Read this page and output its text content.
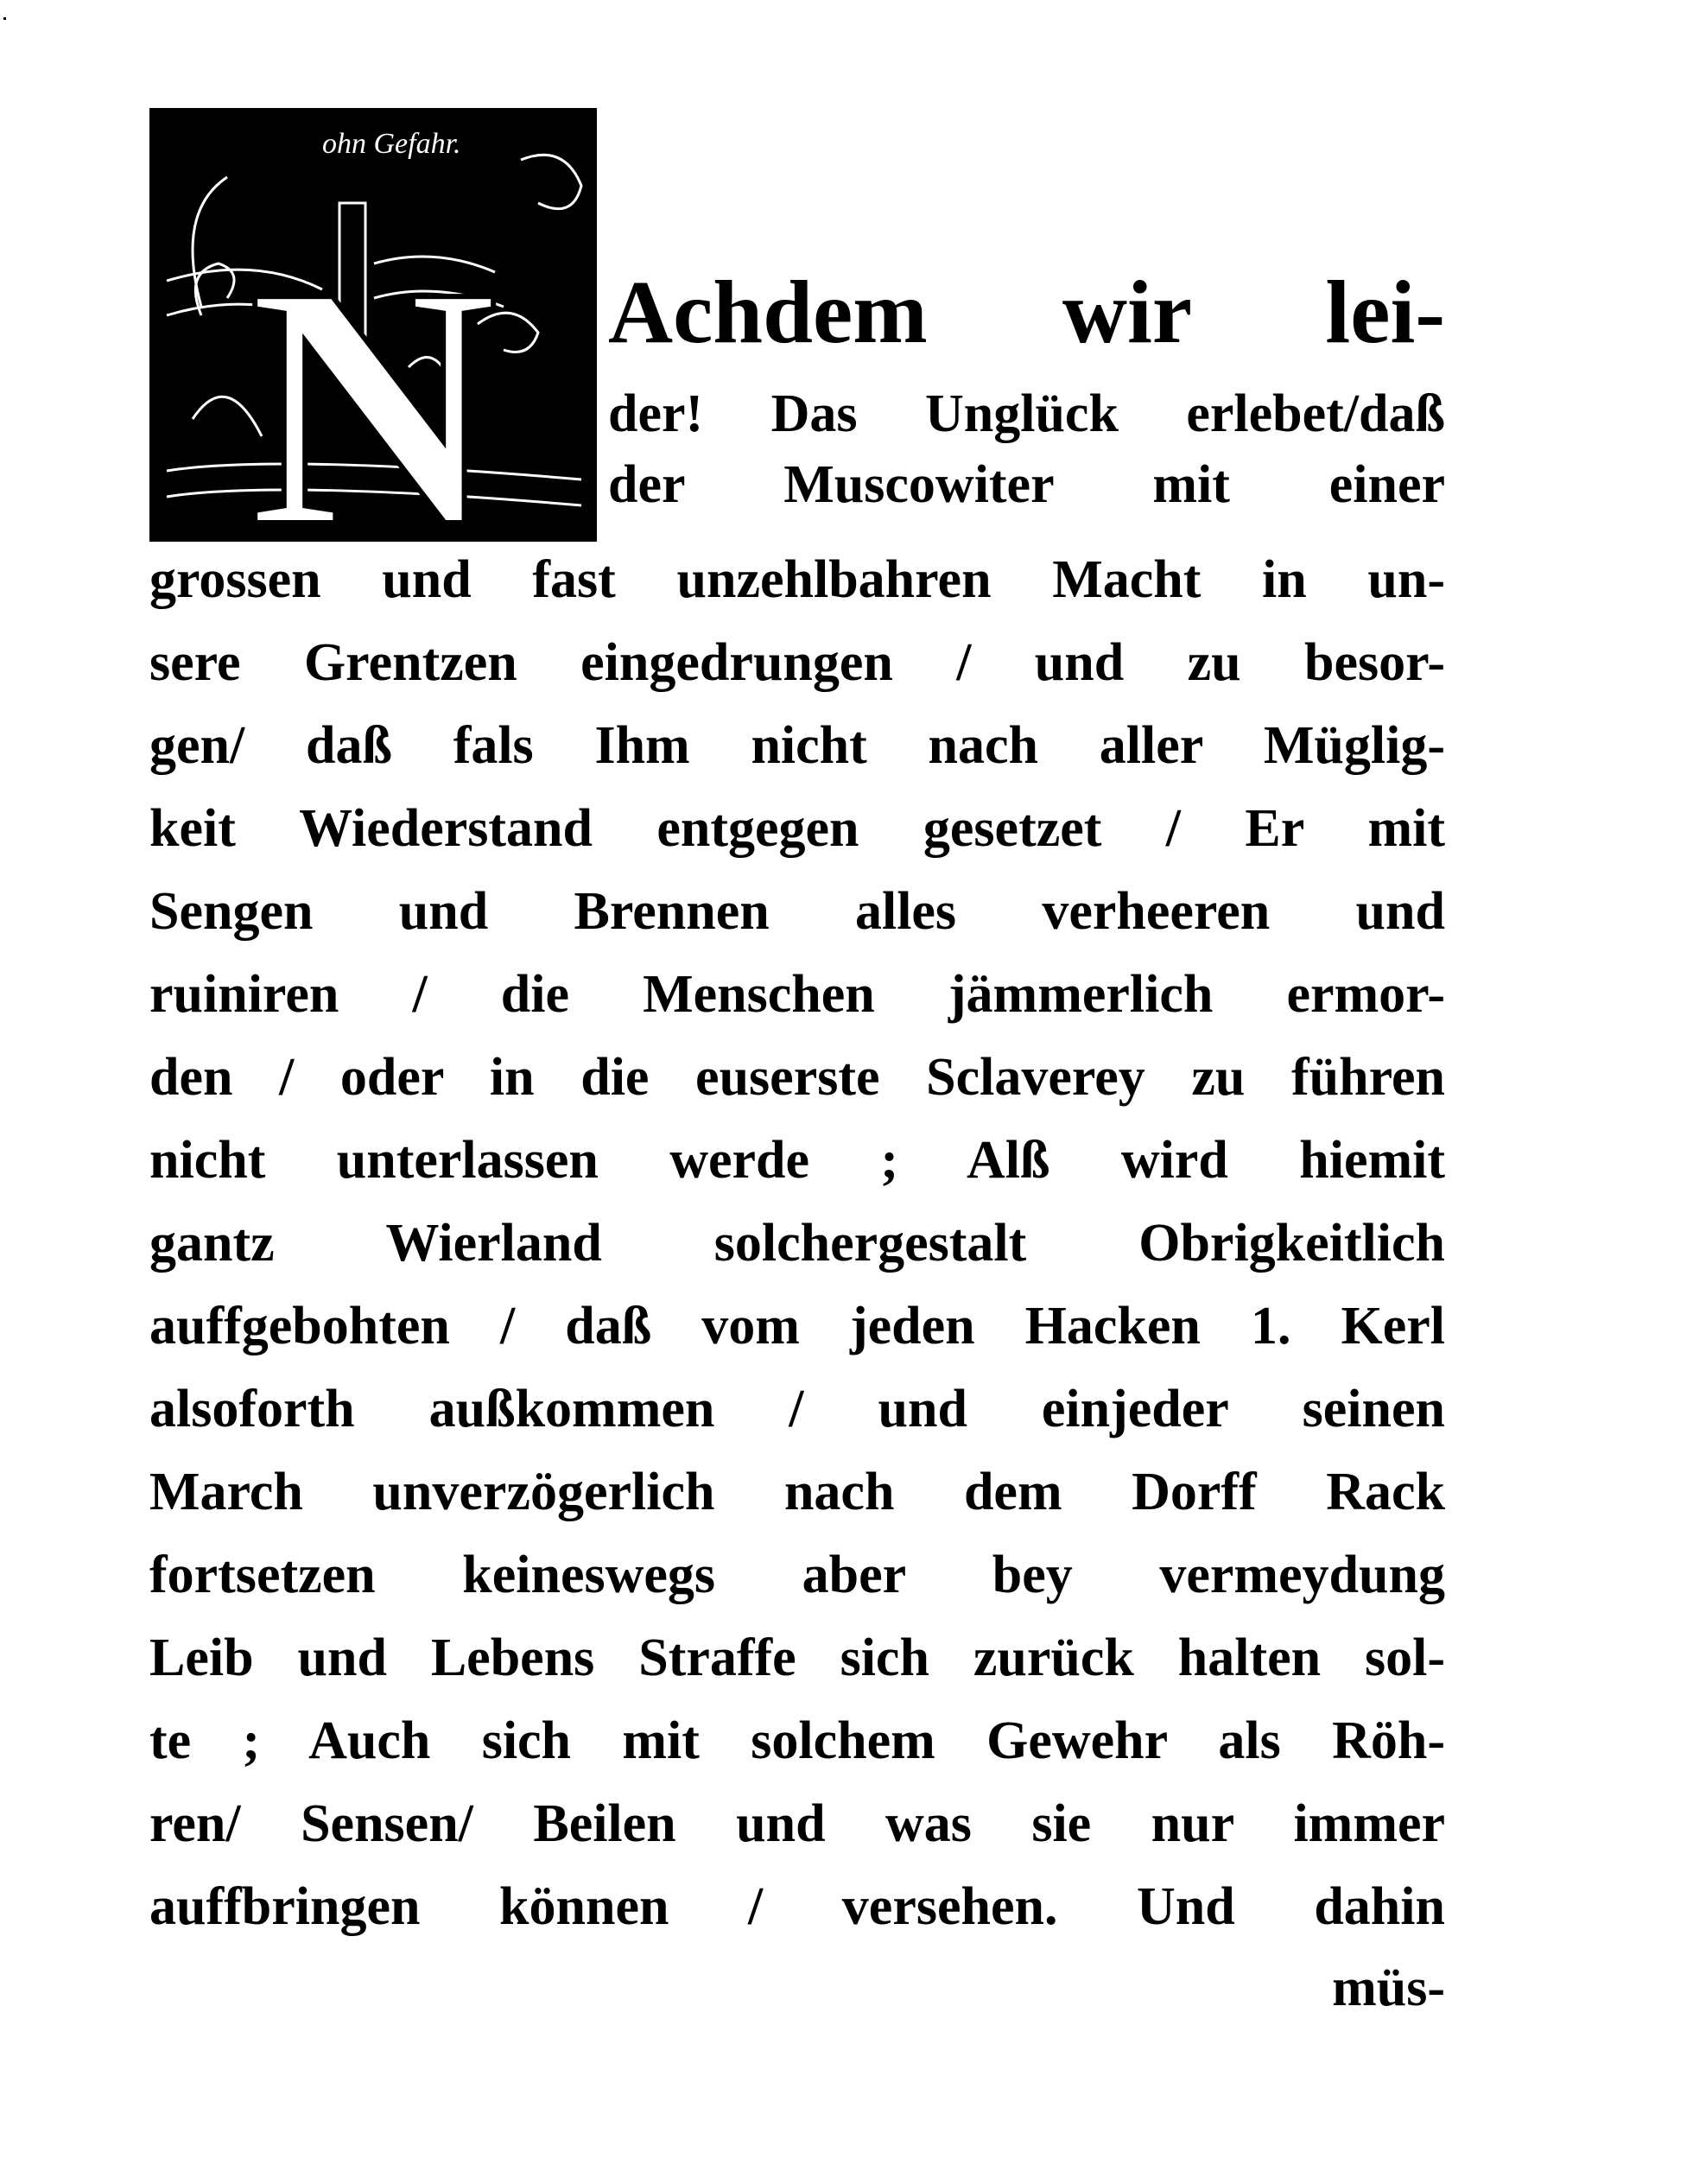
ohn Gefahr.
N Achdem wir lei-
der! Das Unglück erlebet/daß
der Muscowiter mit einer
grossen und fast unzehlbahren Macht in un-
sere Grentzen eingedrungen / und zu besor-
gen/ daß fals Ihm nicht nach aller Müglig-
keit Wiederstand entgegen gesetzet / Er mit
Sengen und Brennen alles verheeren und
ruiniren / die Menschen jämmerlich ermor-
den / oder in die euserste Sclaverey zu führen
nicht unterlassen werde ; Alß wird hiemit
gantz Wierland solchergestalt Obrigkeitlich
auffgebohten / daß vom jeden Hacken 1. Kerl
alsoforth außkommen / und einjeder seinen
March unverzögerlich nach dem Dorff Rack
fortsetzen keineswegs aber bey vermeydung
Leib und Lebens Straffe sich zurück halten sol-
te ; Auch sich mit solchem Gewehr als Röh-
ren/ Sensen/ Beilen und was sie nur immer
auffbringen können / versehen. Und dahin
müs-
